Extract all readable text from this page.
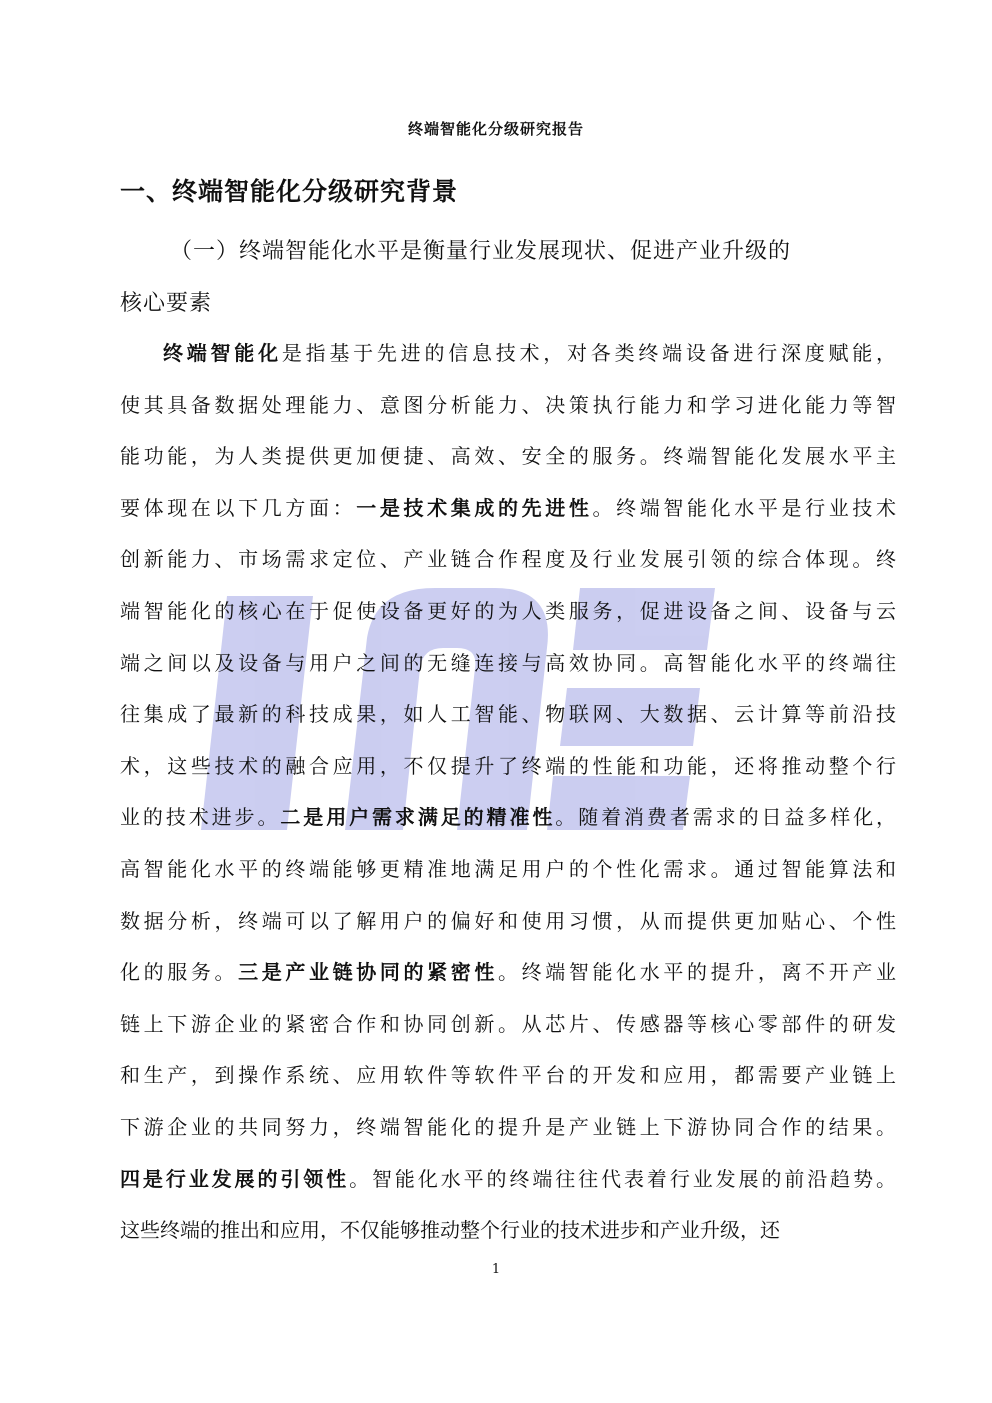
终端智能化分级研究报告
一、终端智能化分级研究背景
（一）终端智能化水平是衡量行业发展现状、促进产业升级的
核心要素
终端智能化是指基于先进的信息技术，对各类终端设备进行深度赋能，
使其具备数据处理能力、意图分析能力、决策执行能力和学习进化能力等智
能功能，为人类提供更加便捷、高效、安全的服务。终端智能化发展水平主
要体现在以下几方面：一是技术集成的先进性。终端智能化水平是行业技术
创新能力、市场需求定位、产业链合作程度及行业发展引领的综合体现。终
端智能化的核心在于促使设备更好的为人类服务，促进设备之间、设备与云
端之间以及设备与用户之间的无缝连接与高效协同。高智能化水平的终端往
往集成了最新的科技成果，如人工智能、物联网、大数据、云计算等前沿技
术，这些技术的融合应用，不仅提升了终端的性能和功能，还将推动整个行
业的技术进步。二是用户需求满足的精准性。随着消费者需求的日益多样化，
高智能化水平的终端能够更精准地满足用户的个性化需求。通过智能算法和
数据分析，终端可以了解用户的偏好和使用习惯，从而提供更加贴心、个性
化的服务。三是产业链协同的紧密性。终端智能化水平的提升，离不开产业
链上下游企业的紧密合作和协同创新。从芯片、传感器等核心零部件的研发
和生产，到操作系统、应用软件等软件平台的开发和应用，都需要产业链上
下游企业的共同努力，终端智能化的提升是产业链上下游协同合作的结果。
四是行业发展的引领性。智能化水平的终端往往代表着行业发展的前沿趋势。
这些终端的推出和应用，不仅能够推动整个行业的技术进步和产业升级，还
1
